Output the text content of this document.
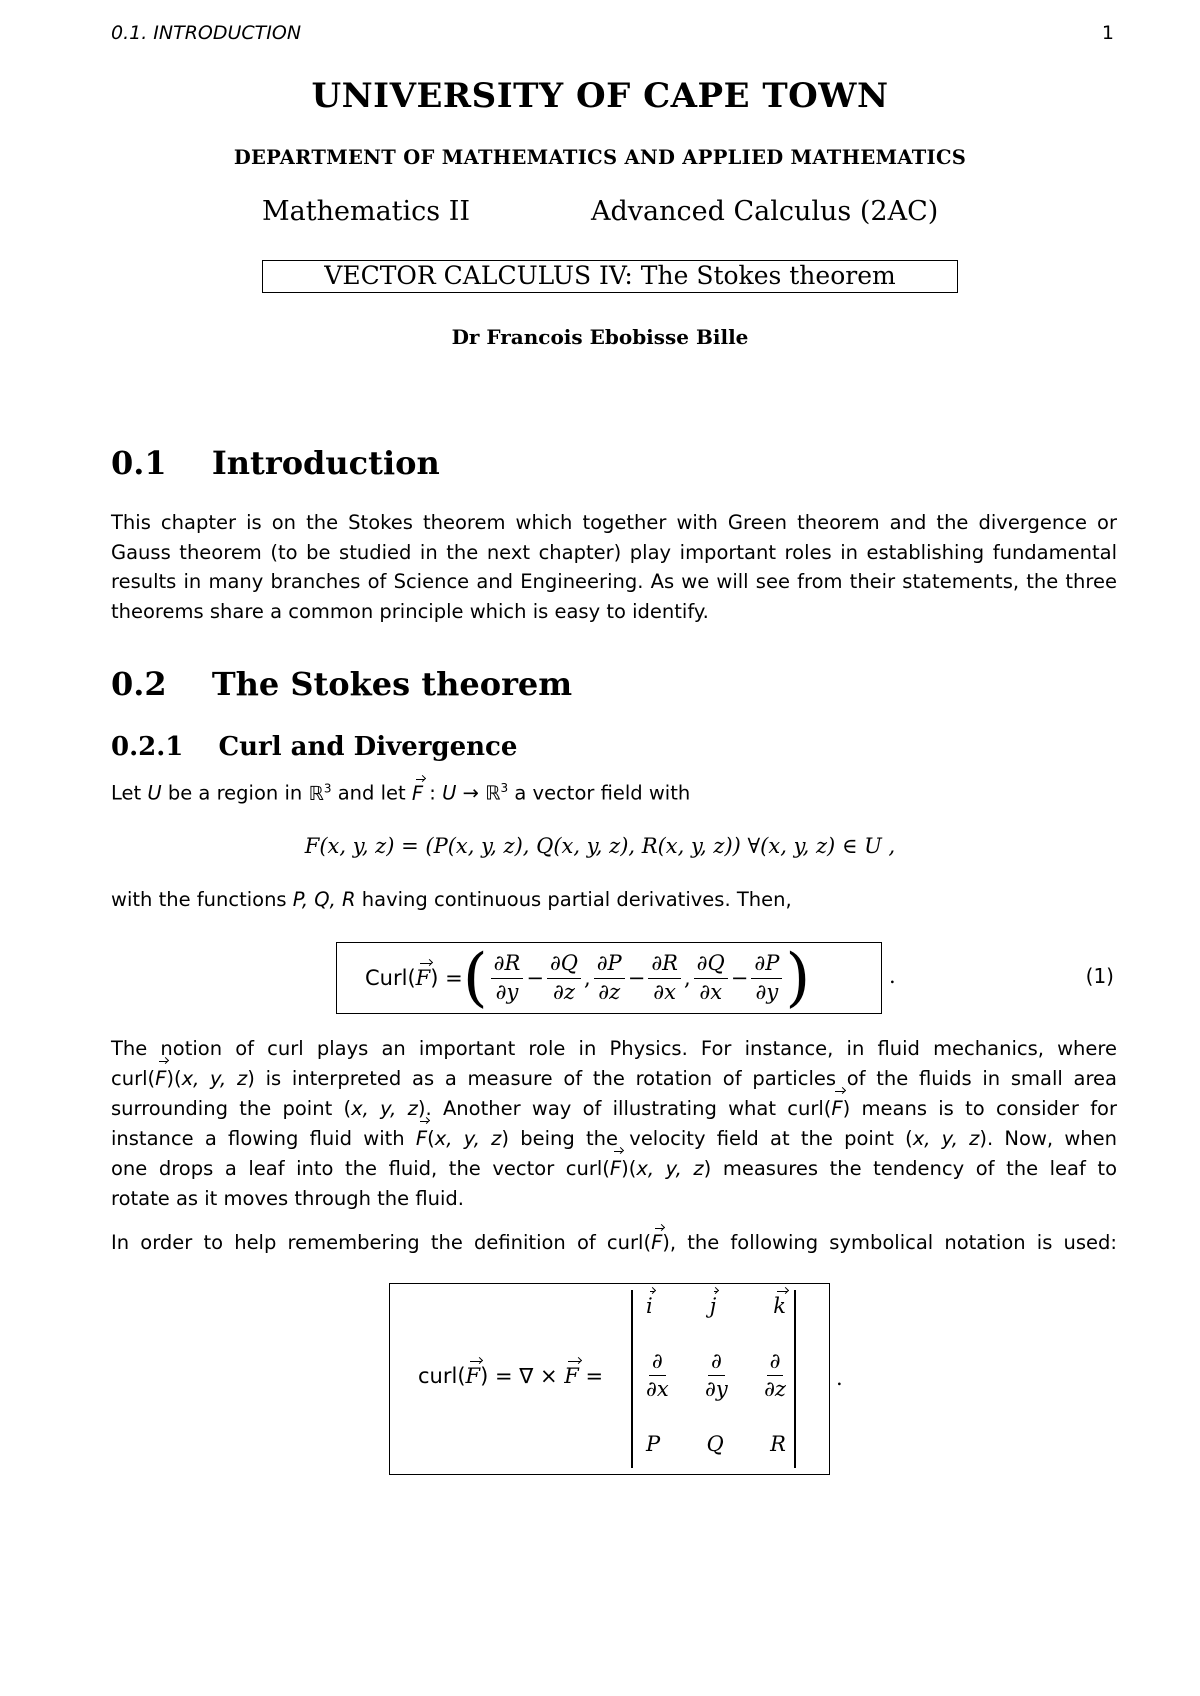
0.1. INTRODUCTION	1
UNIVERSITY OF CAPE TOWN
DEPARTMENT OF MATHEMATICS AND APPLIED MATHEMATICS
Mathematics II	Advanced Calculus (2AC)
VECTOR CALCULUS IV: The Stokes theorem
Dr Francois Ebobisse Bille
0.1 Introduction
This chapter is on the Stokes theorem which together with Green theorem and the divergence or Gauss theorem (to be studied in the next chapter) play important roles in establishing fundamental results in many branches of Science and Engineering. As we will see from their statements, the three theorems share a common principle which is easy to identify.
0.2 The Stokes theorem
0.2.1 Curl and Divergence
Let U be a region in ℝ$^3$ and let F : U → ℝ$^3$ a vector field with
F(x, y, z) = (P(x, y, z), Q(x, y, z), R(x, y, z)) ∀(x, y, z) ∈ U ,
with the functions P, Q, R having continuous partial derivatives. Then,
Curl( F ) = ( $\frac{\partial R}{\partial y} - \frac{\partial Q}{\partial z}$ , $\frac{\partial P}{\partial z} - \frac{\partial R}{\partial x}$ , $\frac{\partial Q}{\partial x} - \frac{\partial P}{\partial y}$ )	.	(1)
The notion of curl plays an important role in Physics. For instance, in fluid mechanics, where
curl(F)(x, y, z) is interpreted as a measure of the rotation of particles of the fluids in small area
surrounding the point (x, y, z). Another way of illustrating what curl(F) means is to consider for
instance a flowing fluid with F(x, y, z) being the velocity field at the point (x, y, z). Now, when
one drops a leaf into the fluid, the vector curl(F)(x, y, z) measures the tendency of the leaf to
rotate as it moves through the fluid.
In order to help remembering the definition of curl(F), the following symbolical notation is used:
curl(F) = ∇ × F =
i	j	k
$\frac{\partial}{\partial x} \frac{\partial}{\partial y} \frac{\partial}{\partial z}$
P Q R
.
